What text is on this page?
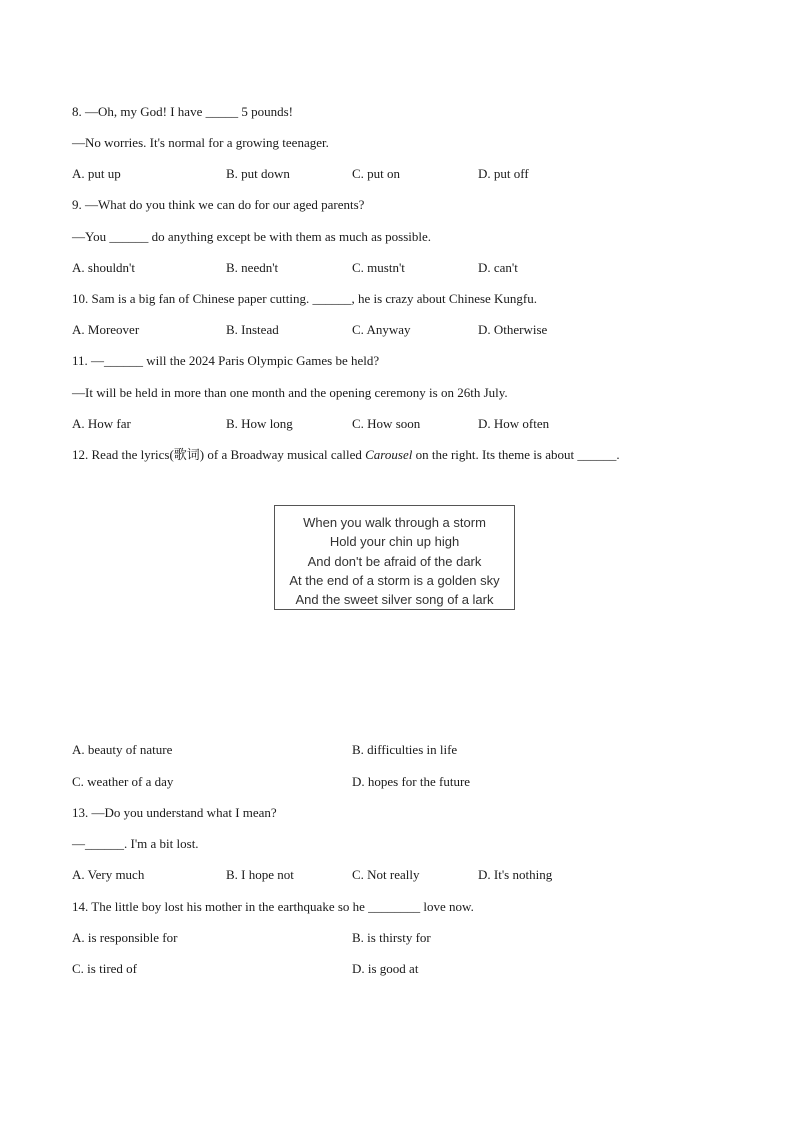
8. —Oh, my God! I have _____ 5 pounds!
—No worries. It's normal for a growing teenager.
A. put up	B. put down	C. put on	D. put off
9. —What do you think we can do for our aged parents?
—You ______ do anything except be with them as much as possible.
A. shouldn't	B. needn't	C. mustn't	D. can't
10. Sam is a big fan of Chinese paper cutting. ______, he is crazy about Chinese Kungfu.
A. Moreover	B. Instead	C. Anyway	D. Otherwise
11. —______ will the 2024 Paris Olympic Games be held?
—It will be held in more than one month and the opening ceremony is on 26th July.
A. How far	B. How long	C. How soon	D. How often
12. Read the lyrics(歌词) of a Broadway musical called Carousel on the right. Its theme is about ______.
When you walk through a storm
Hold your chin up high
And don't be afraid of the dark
At the end of a storm is a golden sky
And the sweet silver song of a lark
A. beauty of nature	B. difficulties in life
C. weather of a day	D. hopes for the future
13. —Do you understand what I mean?
—______. I'm a bit lost.
A. Very much	B. I hope not	C. Not really	D. It's nothing
14. The little boy lost his mother in the earthquake so he ________ love now.
A. is responsible for	B. is thirsty for
C. is tired of	D. is good at
